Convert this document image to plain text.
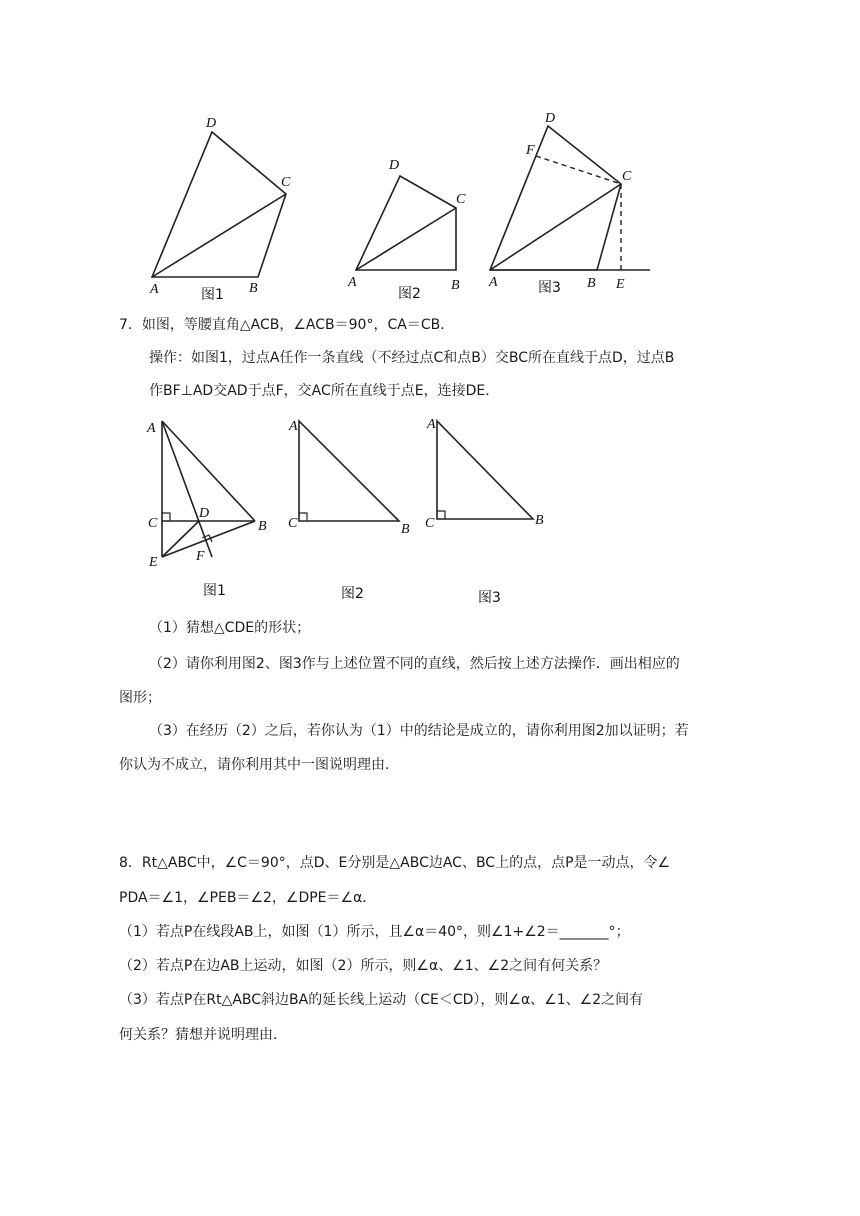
D
C
A	B
图1
D
C
A	B
图2
D
F
C
A	B E
图3
7．如图，等腰直角△ACB，∠ACB＝90°，CA＝CB．
操作：如图1，过点A任作一条直线（不经过点C和点B）交BC所在直线于点D，过点B
作BF⊥AD交AD于点F，交AC所在直线于点E，连接DE．
A
C
D
B
E	F
图1
A
C	B
图2
A
C	B
图3
（1）猜想△CDE的形状；
（2）请你利用图2、图3作与上述位置不同的直线，然后按上述方法操作．画出相应的
图形；
（3）在经历（2）之后，若你认为（1）中的结论是成立的，请你利用图2加以证明；若
你认为不成立，请你利用其中一图说明理由．
8．Rt△ABC中，∠C＝90°，点D、E分别是△ABC边AC、BC上的点，点P是一动点，令∠
PDA＝∠1，∠PEB＝∠2，∠DPE＝∠α．
（1）若点P在线段AB上，如图（1）所示，且∠α＝40°，则∠1+∠2＝_______°；
（2）若点P在边AB上运动，如图（2）所示，则∠α、∠1、∠2之间有何关系？
（3）若点P在Rt△ABC斜边BA的延长线上运动（CE＜CD），则∠α、∠1、∠2之间有
何关系？猜想并说明理由．
